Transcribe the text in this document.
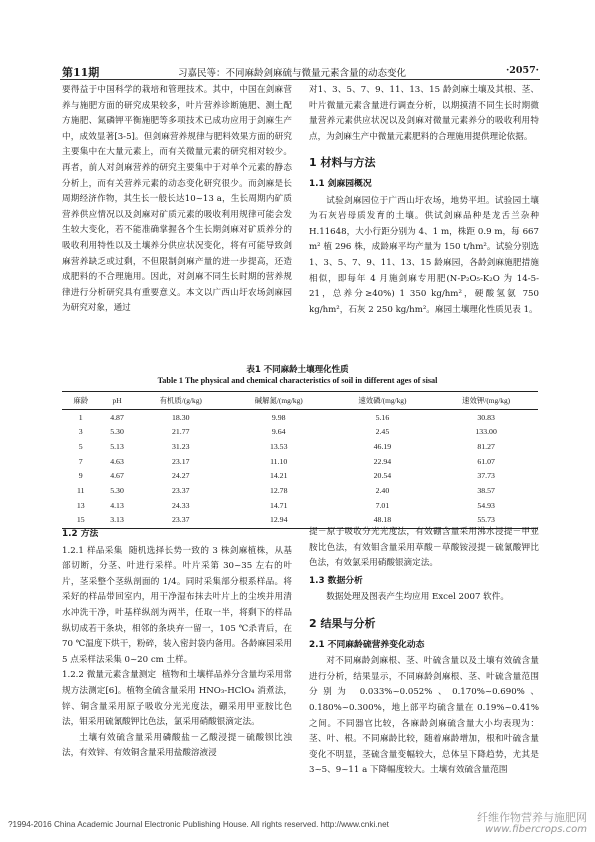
第11期	习嘉民等：不同麻龄剑麻硫与微量元素含量的动态变化	·2057·

要得益于中国科学的栽培和管理技术。其中，中国在剑麻营养与施肥方面的研究成果较多，叶片营养诊断施肥、测土配方施肥、氮磷钾平衡施肥等多项技术已成功应用于剑麻生产中，成效显著[3-5]。但剑麻营养规律与肥料效果方面的研究主要集中在大量元素上，而有关微量元素的研究相对较少。再者，前人对剑麻营养的研究主要集中于对单个元素的静态分析上，而有关营养元素的动态变化研究很少。而剑麻是长周期经济作物，其生长一般长达10~13 a，生长周期内矿质营养供应情况以及剑麻对矿质元素的吸收利用规律可能会发生较大变化，若不能准确掌握各个生长期剑麻对矿质养分的吸收利用特性以及土壤养分供应状况变化，将有可能导致剑麻营养缺乏或过剩，不但限制剑麻产量的进一步提高，还造成肥料的不合理施用。因此，对剑麻不同生长时期的营养规律进行分析研究具有重要意义。本文以广西山圩农场剑麻园为研究对象，通过

对1、3、5、7、9、11、13、15 龄剑麻土壤及其根、茎、叶片微量元素含量进行调查分析，以期摸清不同生长时期微量营养元素供应状况以及剑麻对微量元素养分的吸收利用特点，为剑麻生产中微量元素肥料的合理施用提供理论依据。

1 材料与方法
1.1 剑麻园概况

试验剑麻园位于广西山圩农场，地势平坦。试验园土壤为石灰岩母质发育的土壤。供试剑麻品种是龙舌兰杂种 H.11648，大小行距分别为 4、1 m，株距 0.9 m，每 667 m² 植 296 株，成龄麻平均产量为 150 t/hm²。试验分别选 1、3、5、7、9、11、13、15 龄麻园，各龄剑麻施肥措施相似，即每年 4 月施剑麻专用肥(N-P₂O₅-K₂O 为 14-5-21，总养分≥40%) 1 350 kg/hm²，硬酸氢氨 750 kg/hm²，石灰 2 250 kg/hm²。麻园土壤理化性质见表 1。

表1 不同麻龄土壤理化性质
Table 1 The physical and chemical characteristics of soil in different ages of sisal
麻龄	pH	有机质/(g/kg)	碱解氮/(mg/kg)	速效磷/(mg/kg)	速效钾/(mg/kg)
1	4.87	18.30	9.98	5.16	30.83
3	5.30	21.77	9.64	2.45	133.00
5	5.13	31.23	13.53	46.19	81.27
7	4.63	23.17	11.10	22.94	61.07
9	4.67	24.27	14.21	20.54	37.73
11	5.30	23.37	12.78	2.40	38.57
13	4.13	24.33	14.71	7.01	54.93
15	3.13	23.37	12.94	48.18	55.73
1.2 方法

1.2.1 样品采集 随机选择长势一致的 3 株剑麻植株，从基部切断，分茎、叶进行采样。叶片采第 30~35 左右的叶片，茎采整个茎纵剖面的 1/4。同时采集部分根系样品。将采好的样品带回室内，用干净湿布抹去叶片上的尘埃并用清水冲洗干净，叶基样纵剖为两半，任取一半，将剩下的样品纵切成若干条块，相邻的条块弃一留一，105 ℃杀青后，在 70 ℃温度下烘干，粉碎，装入密封袋内备用。各龄麻园采用 5 点采样法采集 0~20 cm 土样。

1.2.2 微量元素含量测定 植物和土壤样品养分含量均采用常规方法测定[6]。植物全硫含量采用 HNO₃-HClO₄ 消煮法，锌、铜含量采用原子吸收分光光度法，硼采用甲亚胺比色法，钼采用硫氰酸钾比色法，氯采用硝酸银滴定法。

土壤有效硫含量采用磷酸盐－乙酸浸提－硫酸钡比浊法，有效锌、有效铜含量采用盐酸溶液浸

提－原子吸收分光光度法，有效硼含量采用沸水浸提－甲亚胺比色法，有效钼含量采用草酸－草酸铵浸提－硫氰酸钾比色法，有效氯采用硝酸银滴定法。

1.3 数据分析

数据处理及图表产生均应用 Excel 2007 软件。

2 结果与分析
2.1 不同麻龄硫营养变化动态

对不同麻龄剑麻根、茎、叶硫含量以及土壤有效硫含量进行分析，结果显示，不同麻龄剑麻根、茎、叶硫含量范围分别为 0.033%~0.052%、0.170%~0.690%、0.180%~0.300%，地上部平均硫含量在 0.19%~0.41%之间。不同器官比较，各麻龄剑麻硫含量大小均表现为：茎、叶、根。不同麻龄比较，随着麻龄增加，根和叶硫含量变化不明显，茎硫含量变幅较大，总体呈下降趋势，尤其是 3~5、9~11 a 下降幅度较大。土壤有效硫含量范围

?1994-2016 China Academic Journal Electronic Publishing House. All rights reserved. http://www.cnki.net
纤维作物营养与施肥网
www.fibercrops.com
